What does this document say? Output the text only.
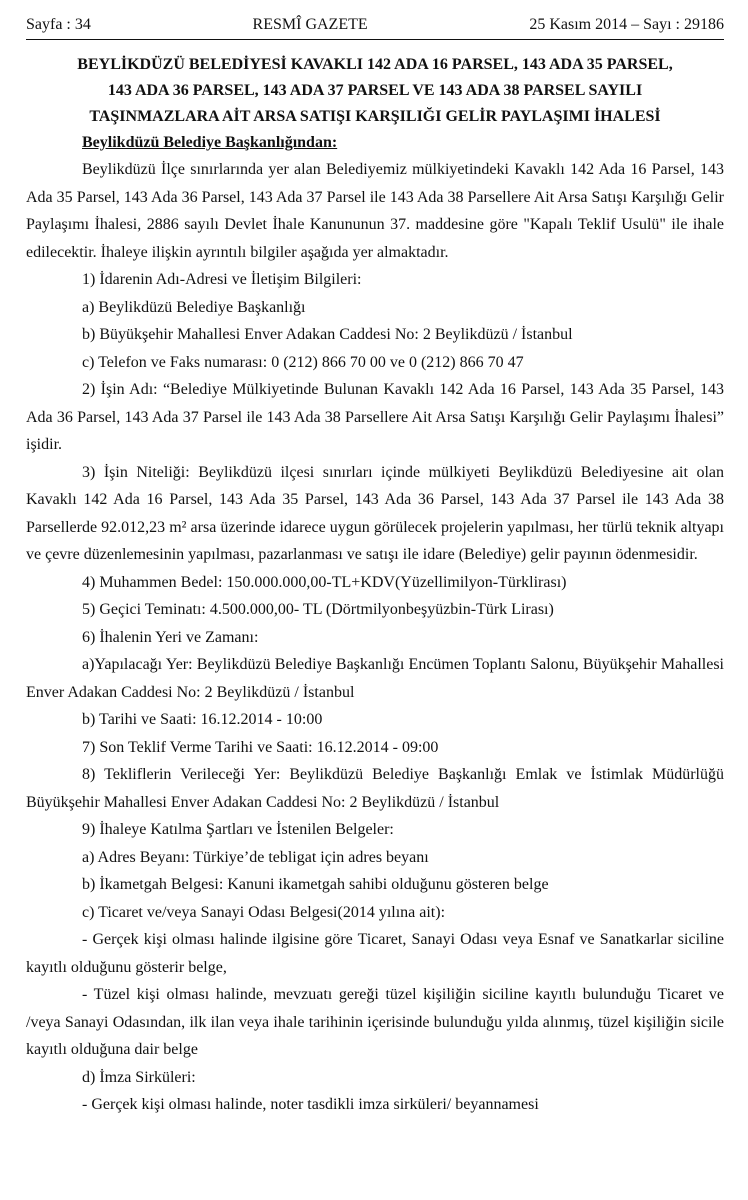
Sayfa : 34	RESMÎ GAZETE	25 Kasım 2014 – Sayı : 29186
BEYLİKDÜZÜ BELEDİYESİ KAVAKLI 142 ADA 16 PARSEL, 143 ADA 35 PARSEL,
143 ADA 36 PARSEL, 143 ADA 37 PARSEL VE 143 ADA 38 PARSEL SAYILI
TAŞINMAZLARA AİT ARSA SATIŞI KARŞILIĞI GELİR PAYLAŞIMI İHALESİ
Beylikdüzü Belediye Başkanlığından:

Beylikdüzü İlçe sınırlarında yer alan Belediyemiz mülkiyetindeki Kavaklı 142 Ada 16 Parsel, 143 Ada 35 Parsel, 143 Ada 36 Parsel, 143 Ada 37 Parsel ile 143 Ada 38 Parsellere Ait Arsa Satışı Karşılığı Gelir Paylaşımı İhalesi, 2886 sayılı Devlet İhale Kanununun 37. maddesine göre "Kapalı Teklif Usulü" ile ihale edilecektir. İhaleye ilişkin ayrıntılı bilgiler aşağıda yer almaktadır.

1) İdarenin Adı-Adresi ve İletişim Bilgileri:

a) Beylikdüzü Belediye Başkanlığı

b) Büyükşehir Mahallesi Enver Adakan Caddesi No: 2 Beylikdüzü / İstanbul

c) Telefon ve Faks numarası: 0 (212) 866 70 00 ve 0 (212) 866 70 47

2) İşin Adı: “Belediye Mülkiyetinde Bulunan Kavaklı 142 Ada 16 Parsel, 143 Ada 35 Parsel, 143 Ada 36 Parsel, 143 Ada 37 Parsel ile 143 Ada 38 Parsellere Ait Arsa Satışı Karşılığı Gelir Paylaşımı İhalesi” işidir.

3) İşin Niteliği: Beylikdüzü ilçesi sınırları içinde mülkiyeti Beylikdüzü Belediyesine ait olan Kavaklı 142 Ada 16 Parsel, 143 Ada 35 Parsel, 143 Ada 36 Parsel, 143 Ada 37 Parsel ile 143 Ada 38 Parsellerde 92.012,23 m² arsa üzerinde idarece uygun görülecek projelerin yapılması, her türlü teknik altyapı ve çevre düzenlemesinin yapılması, pazarlanması ve satışı ile idare (Belediye) gelir payının ödenmesidir.

4) Muhammen Bedel: 150.000.000,00-TL+KDV(Yüzellimilyon-Türklirası)

5) Geçici Teminatı: 4.500.000,00- TL (Dörtmilyonbeşyüzbin-Türk Lirası)

6) İhalenin Yeri ve Zamanı:

a)Yapılacağı Yer: Beylikdüzü Belediye Başkanlığı Encümen Toplantı Salonu, Büyükşehir Mahallesi Enver Adakan Caddesi No: 2 Beylikdüzü / İstanbul

b) Tarihi ve Saati: 16.12.2014 - 10:00

7) Son Teklif Verme Tarihi ve Saati: 16.12.2014 - 09:00

8) Tekliflerin Verileceği Yer: Beylikdüzü Belediye Başkanlığı Emlak ve İstimlak Müdürlüğü Büyükşehir Mahallesi Enver Adakan Caddesi No: 2 Beylikdüzü / İstanbul

9) İhaleye Katılma Şartları ve İstenilen Belgeler:

a) Adres Beyanı: Türkiye’de tebligat için adres beyanı

b) İkametgah Belgesi: Kanuni ikametgah sahibi olduğunu gösteren belge

c) Ticaret ve/veya Sanayi Odası Belgesi(2014 yılına ait):

- Gerçek kişi olması halinde ilgisine göre Ticaret, Sanayi Odası veya Esnaf ve Sanatkarlar siciline kayıtlı olduğunu gösterir belge,

- Tüzel kişi olması halinde, mevzuatı gereği tüzel kişiliğin siciline kayıtlı bulunduğu Ticaret ve /veya Sanayi Odasından, ilk ilan veya ihale tarihinin içerisinde bulunduğu yılda alınmış, tüzel kişiliğin sicile kayıtlı olduğuna dair belge

d) İmza Sirküleri:

- Gerçek kişi olması halinde, noter tasdikli imza sirküleri/ beyannamesi
